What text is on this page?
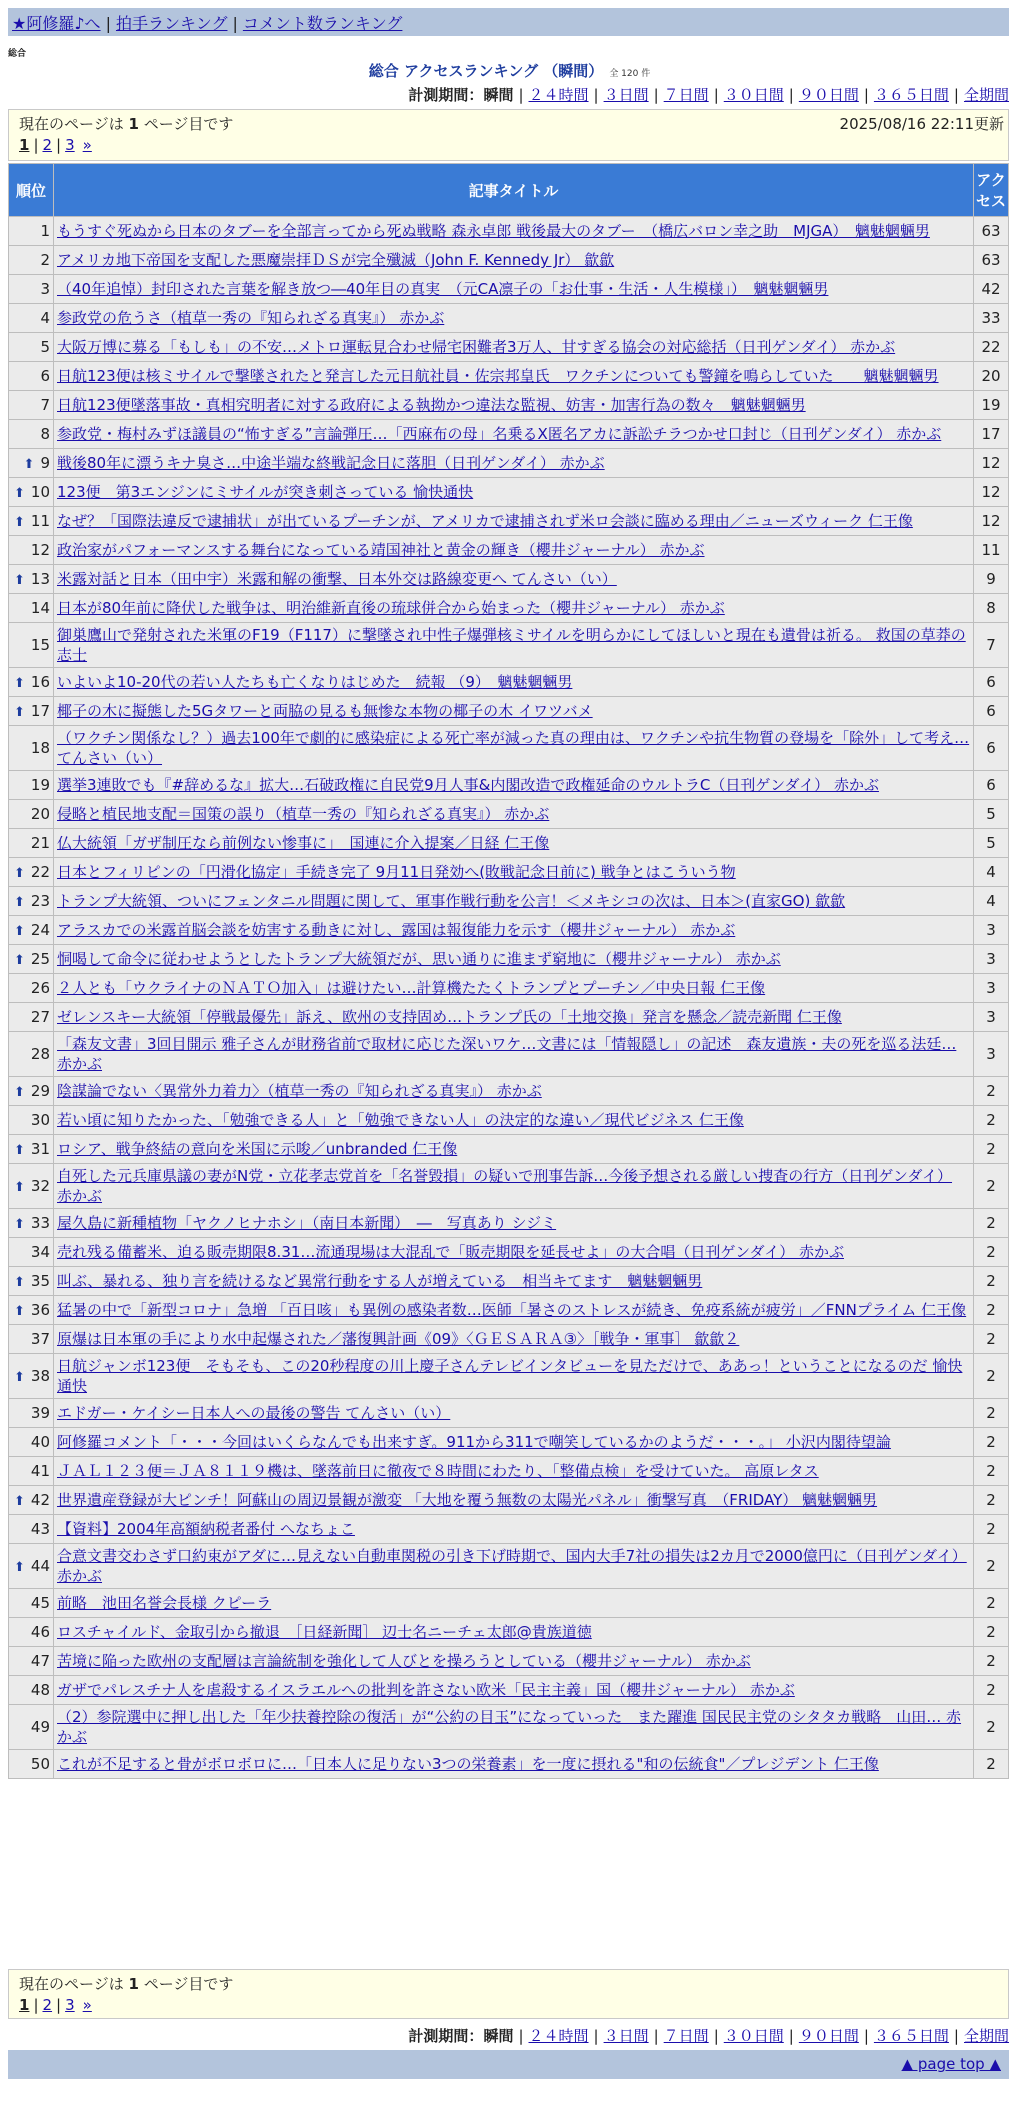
★阿修羅♪へ | 拍手ランキング | コメント数ランキング
総合
総合 アクセスランキング （瞬間） 全 120 件
計測期間：瞬間 | ２４時間 | ３日間 | ７日間 | ３０日間 | ９０日間 | ３６５日間 | 全期間
現在のページは 1 ページ目です	2025/08/16 22:11更新
1 | 2 | 3 »
順位	記事タイトル	アクセス
1	もうすぐ死ぬから日本のタブーを全部言ってから死ぬ戦略 森永卓郎 戦後最大のタブー　（橋広バロン幸之助　MJGA）　魑魅魍魎男	63
2	アメリカ地下帝国を支配した悪魔崇拝ＤＳが完全殲滅（John F. Kennedy Jr） 歙歙	63
3	（40年追悼）封印された言葉を解き放つ―40年目の真実　（元CA凛子の「お仕事・生活・人生模様」）　魑魅魍魎男	42
4	参政党の危うさ（植草一秀の『知られざる真実』） 赤かぶ	33
5	大阪万博に募る「もしも」の不安…メトロ運転見合わせ帰宅困難者3万人、甘すぎる協会の対応総括（日刊ゲンダイ） 赤かぶ	22
6	日航123便は核ミサイルで撃墜されたと発言した元日航社員・佐宗邦皇氏　ワクチンについても警鐘を鳴らしていた　　魑魅魍魎男	20
7	日航123便墜落事故・真相究明者に対する政府による執拗かつ違法な監視、妨害・加害行為の数々　魑魅魍魎男	19
8	参政党・梅村みずほ議員の“怖すぎる”言論弾圧…「西麻布の母」名乗るX匿名アカに訴訟チラつかせ口封じ（日刊ゲンダイ） 赤かぶ	17
⬆ 9	戦後80年に漂うキナ臭さ…中途半端な終戦記念日に落胆（日刊ゲンダイ） 赤かぶ	12
⬆ 10	123便　第3エンジンにミサイルが突き刺さっている 愉快通快	12
⬆ 11	なぜ？「国際法違反で逮捕状」が出ているプーチンが、アメリカで逮捕されず米ロ会談に臨める理由／ニューズウィーク 仁王像	12
12	政治家がパフォーマンスする舞台になっている靖国神社と黄金の輝き（櫻井ジャーナル） 赤かぶ	11
⬆ 13	米露対話と日本（田中宇）米露和解の衝撃、日本外交は路線変更へ てんさい（い）	9
14	日本が80年前に降伏した戦争は、明治維新直後の琉球併合から始まった（櫻井ジャーナル） 赤かぶ	8
15	御巣鷹山で発射された米軍のF19（F117）に撃墜され中性子爆弾核ミサイルを明らかにしてほしいと現在も遺骨は祈る。 救国の草莽の志士	7
⬆ 16	いよいよ10-20代の若い人たちも亡くなりはじめた　続報 （9）　魑魅魍魎男	6
⬆ 17	椰子の木に擬態した5Gタワーと両脇の見るも無惨な本物の椰子の木 イワツバメ	6
18	（ワクチン関係なし？）過去100年で劇的に感染症による死亡率が減った真の理由は、ワクチンや抗生物質の登場を「除外」して考え… てんさい（い）	6
19	選挙3連敗でも『#辞めるな』拡大…石破政権に自民党9月人事&内閣改造で政権延命のウルトラC（日刊ゲンダイ） 赤かぶ	6
20	侵略と植民地支配＝国策の誤り（植草一秀の『知られざる真実』） 赤かぶ	5
21	仏大統領「ガザ制圧なら前例ない惨事に」　国連に介入提案／日経 仁王像	5
⬆ 22	日本とフィリピンの「円滑化協定」手続き完了 9月11日発効へ(敗戦記念日前に) 戦争とはこういう物	4
⬆ 23	トランプ大統領、ついにフェンタニル問題に関して、軍事作戦行動を公言！＜メキシコの次は、日本＞(直家GO) 歙歙	4
⬆ 24	アラスカでの米露首脳会談を妨害する動きに対し、露国は報復能力を示す（櫻井ジャーナル） 赤かぶ	3
⬆ 25	恫喝して命令に従わせようとしたトランプ大統領だが、思い通りに進まず窮地に（櫻井ジャーナル） 赤かぶ	3
26	２人とも「ウクライナのＮＡＴＯ加入」は避けたい…計算機たたくトランプとプーチン／中央日報 仁王像	3
27	ゼレンスキー大統領「停戦最優先」訴え、欧州の支持固め…トランプ氏の「土地交換」発言を懸念／読売新聞 仁王像	3
28	「森友文書」3回目開示 雅子さんが財務省前で取材に応じた深いワケ…文書には「情報隠し」の記述　森友遺族・夫の死を巡る法廷… 赤かぶ	3
⬆ 29	陰謀論でない〈異常外力着力〉（植草一秀の『知られざる真実』） 赤かぶ	2
30	若い頃に知りたかった、「勉強できる人」と「勉強できない人」の決定的な違い／現代ビジネス 仁王像	2
⬆ 31	ロシア、戦争終結の意向を米国に示唆／unbranded 仁王像	2
⬆ 32	自死した元兵庫県議の妻がN党・立花孝志党首を「名誉毀損」の疑いで刑事告訴…今後予想される厳しい捜査の行方（日刊ゲンダイ） 赤かぶ	2
⬆ 33	屋久島に新種植物「ヤクノヒナホシ」（南日本新聞）　―　写真あり シジミ	2
34	売れ残る備蓄米、迫る販売期限8.31…流通現場は大混乱で「販売期限を延長せよ」の大合唱（日刊ゲンダイ） 赤かぶ	2
⬆ 35	叫ぶ、暴れる、独り言を続けるなど異常行動をする人が増えている　相当キてます　魑魅魍魎男	2
⬆ 36	猛暑の中で「新型コロナ」急増 「百日咳」も異例の感染者数…医師「暑さのストレスが続き、免疫系統が疲労」／FNNプライム 仁王像	2
37	原爆は日本軍の手により水中起爆された／藩復興計画《09》〈ＧＥＳＡＲＡ③〉［戦争・軍事］ 歙歙２	2
⬆ 38	日航ジャンボ123便　そもそも、この20秒程度の川上慶子さんテレビインタビューを見ただけで、ああっ！ということになるのだ 愉快通快	2
39	エドガー・ケイシー日本人への最後の警告 てんさい（い）	2
40	阿修羅コメント「・・・今回はいくらなんでも出来すぎ。911から311で嘲笑しているかのようだ・・・。」 小沢内閣待望論	2
41	ＪＡＬ１２３便＝ＪＡ８１１９機は、墜落前日に徹夜で８時間にわたり、「整備点検」を受けていた。 高原レタス	2
⬆ 42	世界遺産登録が大ピンチ！阿蘇山の周辺景観が激変 「大地を覆う無数の太陽光パネル」衝撃写真　（FRIDAY） 魑魅魍魎男	2
43	【資料】2004年高額納税者番付 へなちょこ	2
⬆ 44	合意文書交わさず口約束がアダに…見えない自動車関税の引き下げ時期で、国内大手7社の損失は2カ月で2000億円に（日刊ゲンダイ） 赤かぶ	2
45	前略　池田名誉会長様 クピーラ	2
46	ロスチャイルド、金取引から撤退　［日経新聞］ 辺士名ニーチェ太郎@貴族道徳	2
47	苦境に陥った欧州の支配層は言論統制を強化して人びとを操ろうとしている（櫻井ジャーナル） 赤かぶ	2
48	ガザでパレスチナ人を虐殺するイスラエルへの批判を許さない欧米「民主主義」国（櫻井ジャーナル） 赤かぶ	2
49	（2）参院選中に押し出した「年少扶養控除の復活」が“公約の目玉”になっていった　また躍進 国民民主党のシタタカ戦略　山田… 赤かぶ	2
50	これが不足すると骨がボロボロに…「日本人に足りない3つの栄養素」を一度に摂れる"和の伝統食"／プレジデント 仁王像	2
現在のページは 1 ページ目です
1 | 2 | 3 »
計測期間：瞬間 | ２４時間 | ３日間 | ７日間 | ３０日間 | ９０日間 | ３６５日間 | 全期間
▲ page top ▲
